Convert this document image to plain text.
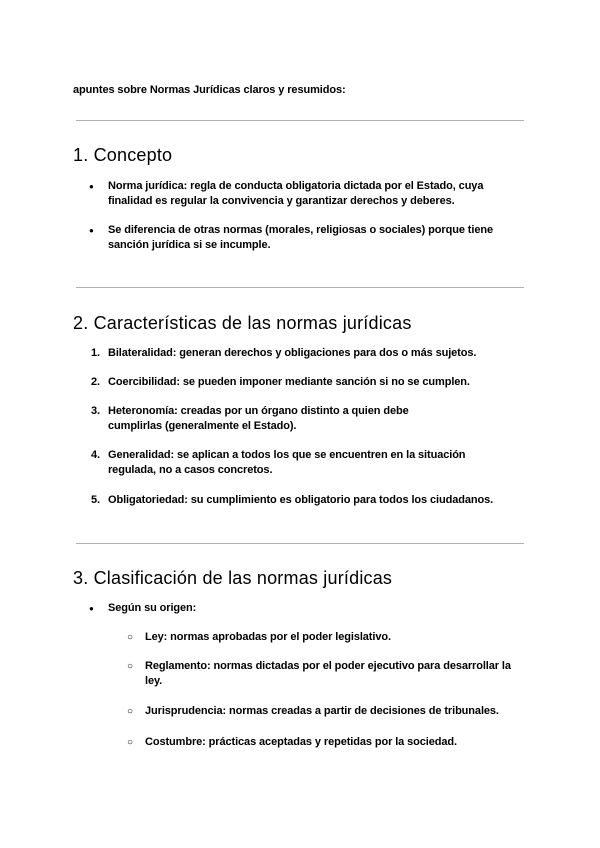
apuntes sobre Normas Jurídicas claros y resumidos:
1. Concepto
● Norma jurídica: regla de conducta obligatoria dictada por el Estado, cuya finalidad es regular la convivencia y garantizar derechos y deberes.
● Se diferencia de otras normas (morales, religiosas o sociales) porque tiene sanción jurídica si se incumple.
2. Características de las normas jurídicas
1. Bilateralidad: generan derechos y obligaciones para dos o más sujetos.
2. Coercibilidad: se pueden imponer mediante sanción si no se cumplen.
3. Heteronomía: creadas por un órgano distinto a quien debe cumplirlas (generalmente el Estado).
4. Generalidad: se aplican a todos los que se encuentren en la situación regulada, no a casos concretos.
5. Obligatoriedad: su cumplimiento es obligatorio para todos los ciudadanos.
3. Clasificación de las normas jurídicas
● Según su origen:
○ Ley: normas aprobadas por el poder legislativo.
○ Reglamento: normas dictadas por el poder ejecutivo para desarrollar la ley.
○ Jurisprudencia: normas creadas a partir de decisiones de tribunales.
○ Costumbre: prácticas aceptadas y repetidas por la sociedad.
